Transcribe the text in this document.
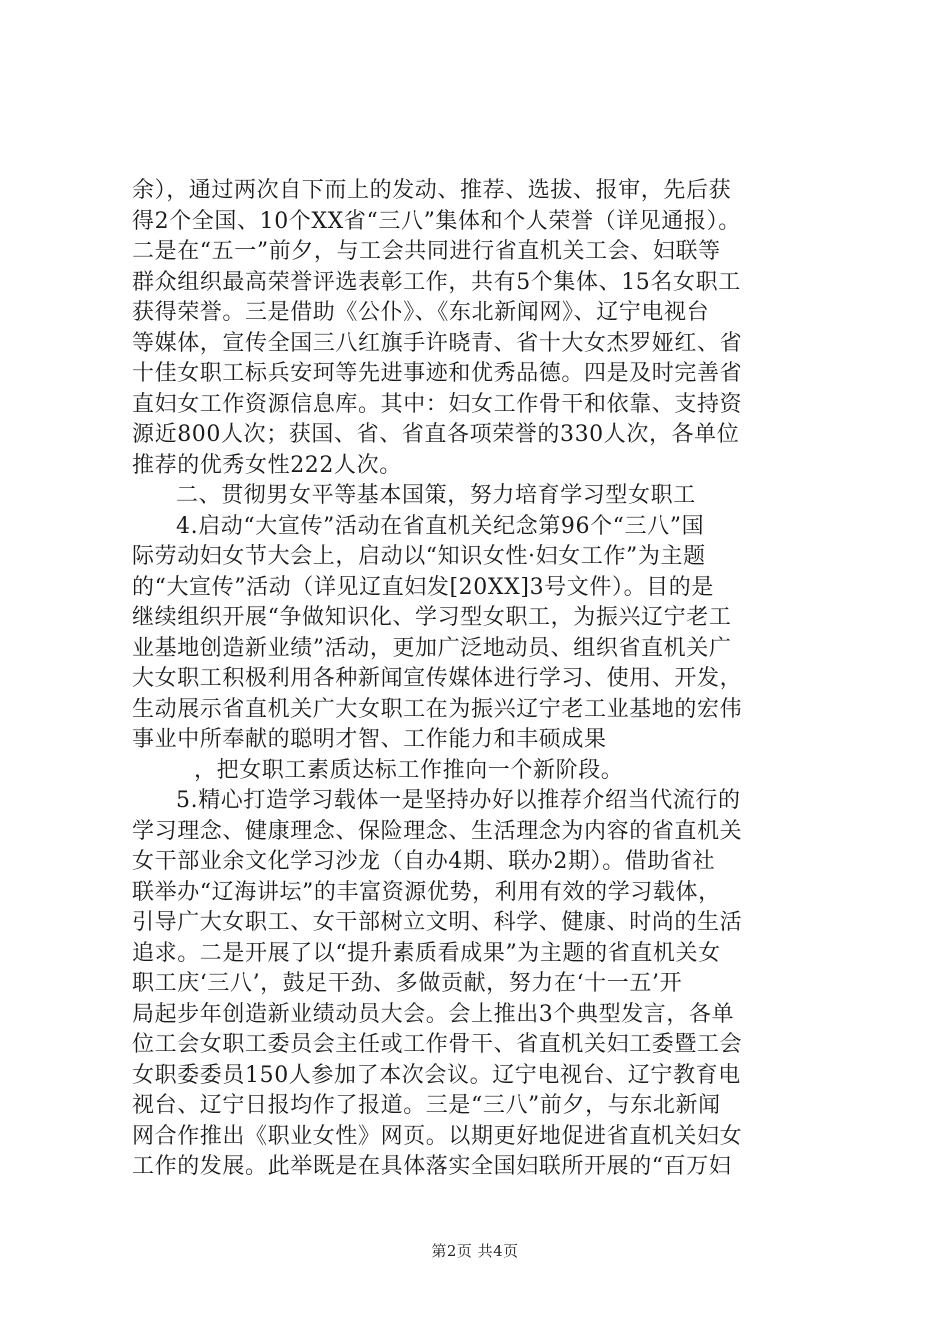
余），通过两次自下而上的发动、推荐、选拔、报审，先后获
得2个全国、10个XX省“三八”集体和个人荣誉（详见通报）。
二是在“五一”前夕，与工会共同进行省直机关工会、妇联等
群众组织最高荣誉评选表彰工作，共有5个集体、15名女职工
获得荣誉。三是借助《公仆》、《东北新闻网》、辽宁电视台
等媒体，宣传全国三八红旗手许晓青、省十大女杰罗娅红、省
十佳女职工标兵安珂等先进事迹和优秀品德。四是及时完善省
直妇女工作资源信息库。其中：妇女工作骨干和依靠、支持资
源近800人次；获国、省、省直各项荣誉的330人次，各单位
推荐的优秀女性222人次。
二、贯彻男女平等基本国策，努力培育学习型女职工
4.启动“大宣传”活动在省直机关纪念第96个“三八”国
际劳动妇女节大会上，启动以“知识女性·妇女工作”为主题
的“大宣传”活动（详见辽直妇发[20XX]3号文件）。目的是
继续组织开展“争做知识化、学习型女职工，为振兴辽宁老工
业基地创造新业绩”活动，更加广泛地动员、组织省直机关广
大女职工积极利用各种新闻宣传媒体进行学习、使用、开发，
生动展示省直机关广大女职工在为振兴辽宁老工业基地的宏伟
事业中所奉献的聪明才智、工作能力和丰硕成果
，把女职工素质达标工作推向一个新阶段。
5.精心打造学习载体一是坚持办好以推荐介绍当代流行的
学习理念、健康理念、保险理念、生活理念为内容的省直机关
女干部业余文化学习沙龙（自办4期、联办2期）。借助省社
联举办“辽海讲坛”的丰富资源优势，利用有效的学习载体，
引导广大女职工、女干部树立文明、科学、健康、时尚的生活
追求。二是开展了以“提升素质看成果”为主题的省直机关女
职工庆‘三八’，鼓足干劲、多做贡献，努力在‘十一五’开
局起步年创造新业绩动员大会。会上推出3个典型发言，各单
位工会女职工委员会主任或工作骨干、省直机关妇工委暨工会
女职委委员150人参加了本次会议。辽宁电视台、辽宁教育电
视台、辽宁日报均作了报道。三是“三八”前夕，与东北新闻
网合作推出《职业女性》网页。以期更好地促进省直机关妇女
工作的发展。此举既是在具体落实全国妇联所开展的“百万妇
第2页 共4页
